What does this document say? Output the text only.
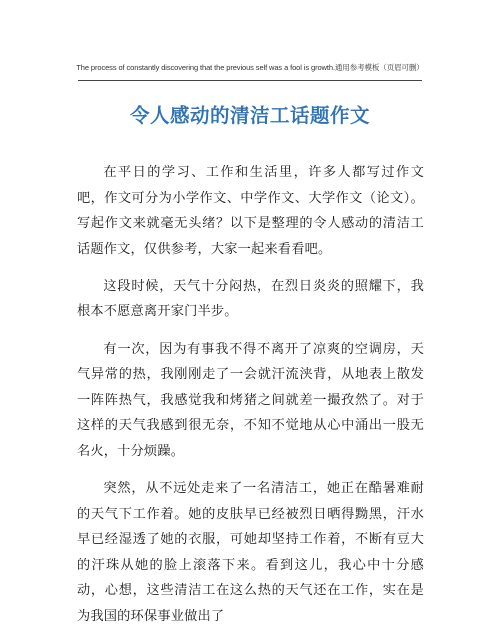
The process of constantly discovering that the previous self was a fool is growth.通用参考模板（页眉可删）
令人感动的清洁工话题作文

在平日的学习、工作和生活里，许多人都写过作文吧，作文可分为小学作文、中学作文、大学作文（论文）。写起作文来就毫无头绪？以下是整理的令人感动的清洁工话题作文，仅供参考，大家一起来看看吧。

这段时候，天气十分闷热，在烈日炎炎的照耀下，我根本不愿意离开家门半步。

有一次，因为有事我不得不离开了凉爽的空调房，天气异常的热，我刚刚走了一会就汗流浃背，从地表上散发一阵阵热气，我感觉我和烤猪之间就差一撮孜然了。对于这样的天气我感到很无奈，不知不觉地从心中涌出一股无名火，十分烦躁。

突然，从不远处走来了一名清洁工，她正在酷暑难耐的天气下工作着。她的皮肤早已经被烈日晒得黝黑，汗水早已经湿透了她的衣服，可她却坚持工作着，不断有豆大的汗珠从她的脸上滚落下来。看到这儿，我心中十分感动，心想，这些清洁工在这么热的天气还在工作，实在是为我国的环保事业做出了
